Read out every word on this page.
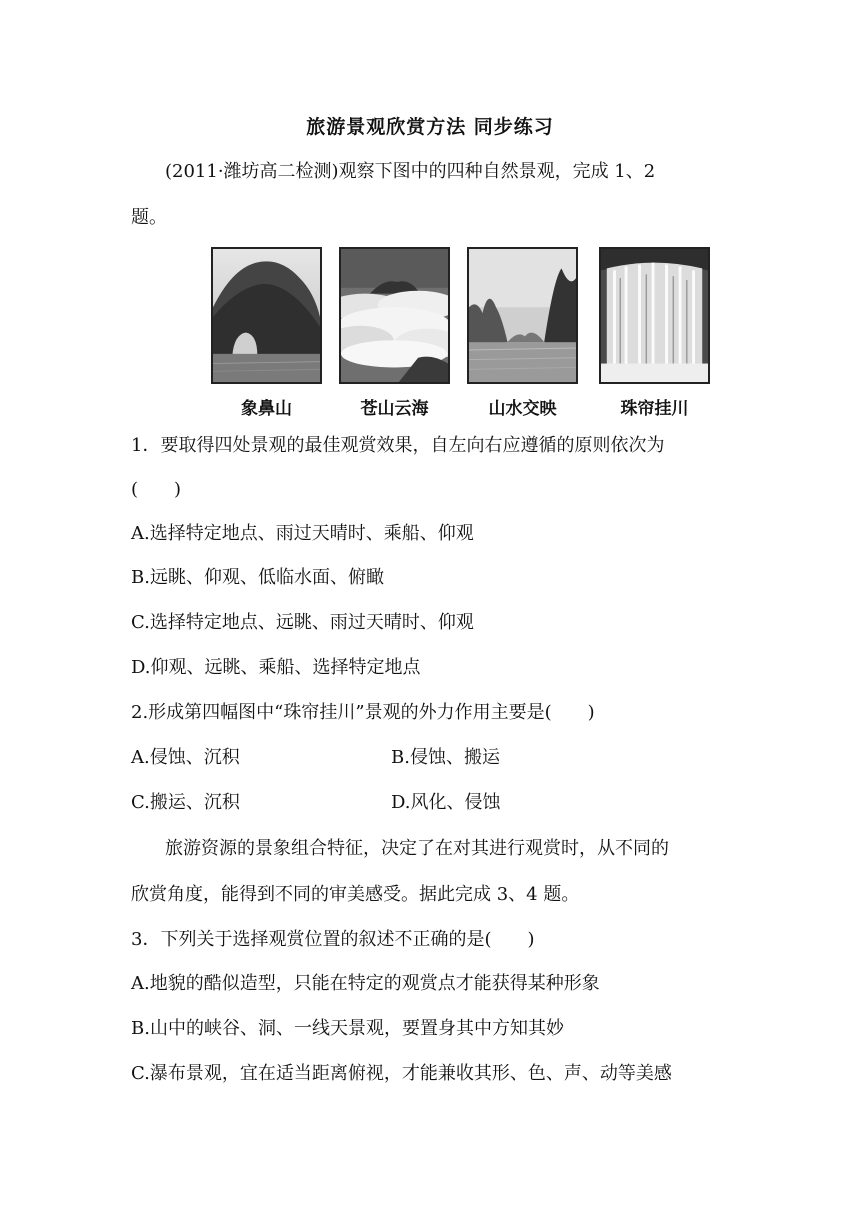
旅游景观欣赏方法 同步练习
(2011·潍坊高二检测)观察下图中的四种自然景观，完成 1、2
题。
象鼻山	苍山云海	山水交映	珠帘挂川
1．要取得四处景观的最佳观赏效果，自左向右应遵循的原则依次为
(　　)
A.选择特定地点、雨过天晴时、乘船、仰观
B.远眺、仰观、低临水面、俯瞰
C.选择特定地点、远眺、雨过天晴时、仰观
D.仰观、远眺、乘船、选择特定地点
2.形成第四幅图中“珠帘挂川”景观的外力作用主要是(　　)
A.侵蚀、沉积	B.侵蚀、搬运
C.搬运、沉积	D.风化、侵蚀
旅游资源的景象组合特征，决定了在对其进行观赏时，从不同的
欣赏角度，能得到不同的审美感受。据此完成 3、4 题。
3．下列关于选择观赏位置的叙述不正确的是(　　)
A.地貌的酷似造型，只能在特定的观赏点才能获得某种形象
B.山中的峡谷、洞、一线天景观，要置身其中方知其妙
C.瀑布景观，宜在适当距离俯视，才能兼收其形、色、声、动等美感
